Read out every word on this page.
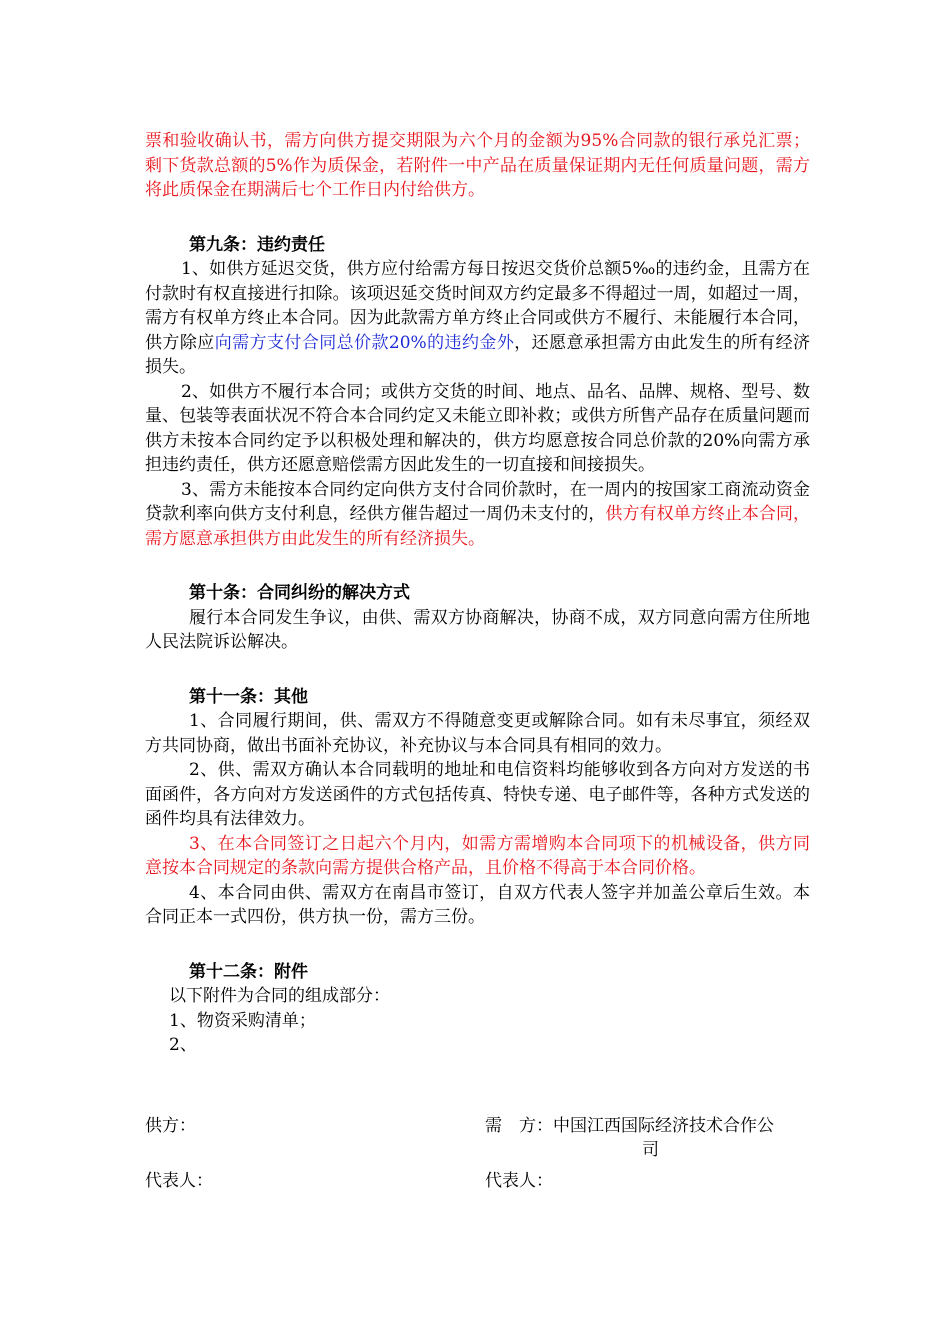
票和验收确认书，需方向供方提交期限为六个月的金额为95%合同款的银行承兑汇票；剩下货款总额的5%作为质保金，若附件一中产品在质量保证期内无任何质量问题，需方将此质保金在期满后七个工作日内付给供方。

第九条：违约责任

1、如供方延迟交货，供方应付给需方每日按迟交货价总额5‰的违约金，且需方在付款时有权直接进行扣除。该项迟延交货时间双方约定最多不得超过一周，如超过一周，需方有权单方终止本合同。因为此款需方单方终止合同或供方不履行、未能履行本合同，供方除应向需方支付合同总价款20%的违约金外，还愿意承担需方由此发生的所有经济损失。

2、如供方不履行本合同；或供方交货的时间、地点、品名、品牌、规格、型号、数量、包装等表面状况不符合本合同约定又未能立即补救；或供方所售产品存在质量问题而供方未按本合同约定予以积极处理和解决的，供方均愿意按合同总价款的20%向需方承担违约责任，供方还愿意赔偿需方因此发生的一切直接和间接损失。

3、需方未能按本合同约定向供方支付合同价款时，在一周内的按国家工商流动资金贷款利率向供方支付利息，经供方催告超过一周仍未支付的，供方有权单方终止本合同，需方愿意承担供方由此发生的所有经济损失。

第十条：合同纠纷的解决方式

履行本合同发生争议，由供、需双方协商解决，协商不成，双方同意向需方住所地人民法院诉讼解决。

第十一条：其他

1、合同履行期间，供、需双方不得随意变更或解除合同。如有未尽事宜，须经双方共同协商，做出书面补充协议，补充协议与本合同具有相同的效力。

2、供、需双方确认本合同载明的地址和电信资料均能够收到各方向对方发送的书面函件，各方向对方发送函件的方式包括传真、特快专递、电子邮件等，各种方式发送的函件均具有法律效力。

3、在本合同签订之日起六个月内，如需方需增购本合同项下的机械设备，供方同意按本合同规定的条款向需方提供合格产品，且价格不得高于本合同价格。

4、本合同由供、需双方在南昌市签订，自双方代表人签字并加盖公章后生效。本合同正本一式四份，供方执一份，需方三份。

第十二条：附件

以下附件为合同的组成部分：

1、物资采购清单；

2、

供方：	需　方：中国江西国际经济技术合作公
司
代表人：	代表人：
